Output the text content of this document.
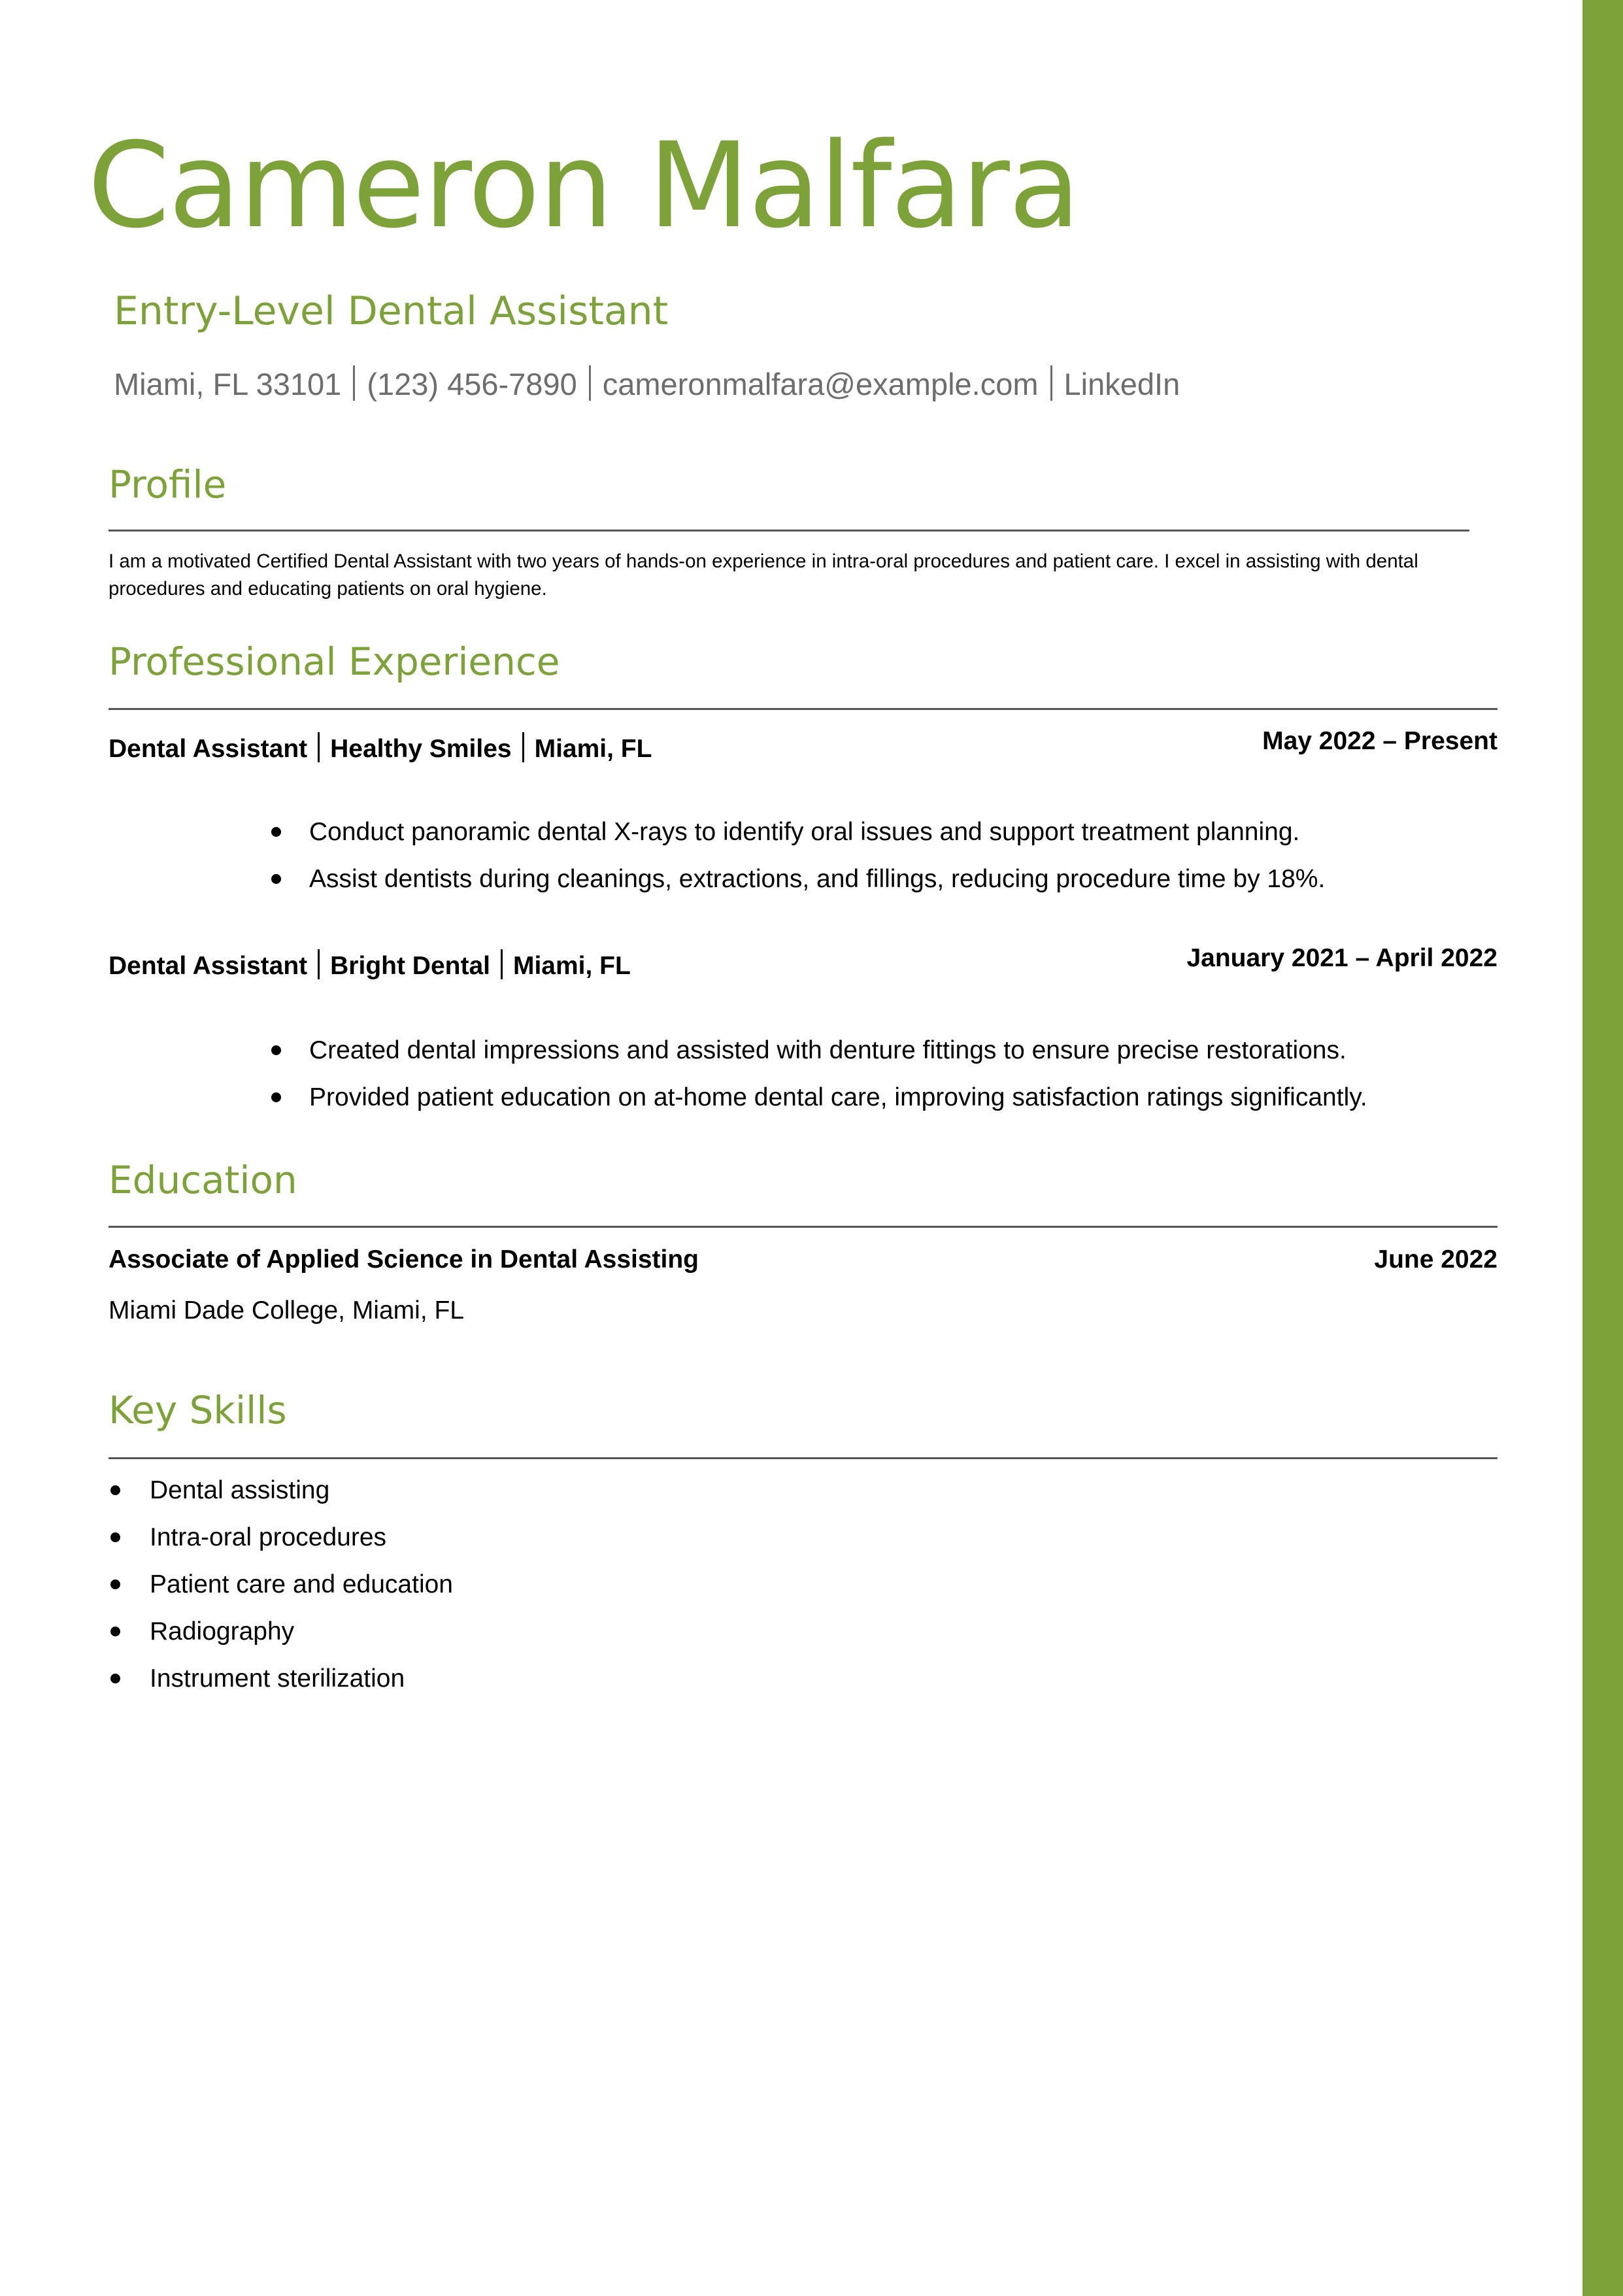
Cameron Malfara
Entry-Level Dental Assistant
Miami, FL 33101 (123) 456-7890 cameronmalfara@example.com LinkedIn
Profile
I am a motivated Certified Dental Assistant with two years of hands-on experience in intra-oral procedures and patient care. I excel in assisting with dental procedures and educating patients on oral hygiene.
Professional Experience
Dental Assistant Healthy Smiles Miami, FL	May 2022 – Present
Conduct panoramic dental X-rays to identify oral issues and support treatment planning.
Assist dentists during cleanings, extractions, and fillings, reducing procedure time by 18%.
Dental Assistant Bright Dental Miami, FL	January 2021 – April 2022
Created dental impressions and assisted with denture fittings to ensure precise restorations.
Provided patient education on at-home dental care, improving satisfaction ratings significantly.
Education
Associate of Applied Science in Dental Assisting	June 2022
Miami Dade College, Miami, FL
Key Skills
Dental assisting
Intra-oral procedures
Patient care and education
Radiography
Instrument sterilization
